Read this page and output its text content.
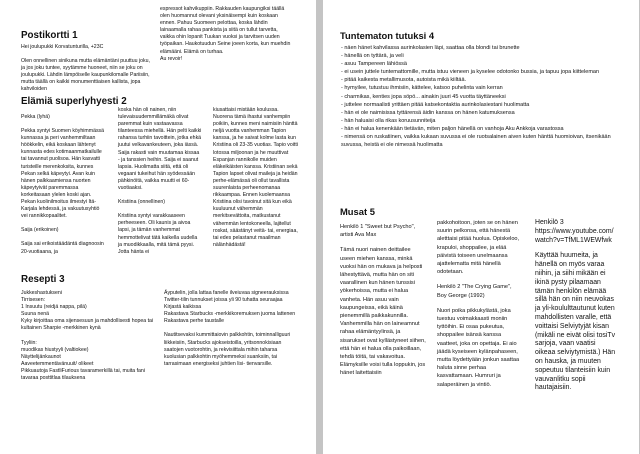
Postikortti 1

Hei joulupukki Korvatunturilla, +23C

Olen onnellinen sinikuna mutta elämäntäni puuttuu joku, ja jos joku tuntee, syytämme huoneet, niin se joku on joulupukki. Lähdin lämpöiselle kaupunkilomalle Pariisiin, mutta täällä on kaikki monumenttiaisen kallista, jopa kahviloiden

espressot kahvikuppiin. Rakkauden kaupungiksi täällä olen huomannut olevani yksinäisempi kuin koskaan ennen. Pahuu Suomeen pelottaa, koska lähdin lainaamalla rahaa pankista ja siitä on tullut tarvetta, vaikka ohin lopanit Tuukan vuoksi ja tarvitsen uuden työpaikan. Haukotuudun Seine joeen korta, kun muehdin elämääni. Elämä on turhaa.
Au revoir!

Elämiä superlyhyesti 2

Pekka (lyhä)

Pekka syntyi Suomen köyhimmässä kunnassa ja peri vanhemmiltaan höökkelin, eikä koskaan lähtenyt kunnasta edes kotimaanmatkailulle tai tavannut puolisoa. Hän kasvatti turisteille merenkoksita, kunnes Pekan selkä käpeytyi. Avan kuin hänen palkkaamiensa nuorten käpeytyivät paremmassa korkeitasaan ylelen koski ajan. Pekan kuolinilmoitus ilmestyi Itä-Karjala lehdessä, ja vakuutusyhtiö vei rannikkopaalitet.

Saija (erikoinen)

Saija sai erikoistäädäntä diagnoosin 20-vuotiaana, ja

koska hän oli nainen, niin tulevaisuudemmillämäkä olivat paremmat kuin vastaavassa tilanteessa miehellä. Hän pelti kaikki rahansa turhiin tavoittein, jotka ehkä juutui velkavankeuteen, joka iässä. Saija rakasti vain muutamaa kissaa - ja tanssien heihin. Saija ei saanut lapsia. Huolimatta siitä, että oli vegaani tukeihut hän syödessään pähkinöitä, vaikka muutti ei 60-vuotiaaksi.

Kristiina (onnellinen)

Kristiina syntyi varakkaaseen perheeseen. Oli kaunis ja aivoa lapsi, ja tämän vanhemmat hemmottelivat tätä kaikella uudella ja muodikkaalla, mitä tämä pyysi. Jotta hänta ei

kiusattaisi mistään koulussa. Nuorena tämä ihastui vanhempiin poikiin, kunnes meni naimisiin hänttä neljä vuotta vanhemman Tapion kanssa, ja he saivat kolme lasta kun Kristiina oli 23-35 vuotias. Tapio voitti lotossa miljoonan ja he muuttivat Espanjan rannikolle muiden eläkeikäisten kanssa. Kristiinan sekä Tapion lapset olivat maileja ja heidän perhe-elämässä oli ollut tavallista suurenlaista perheenomanaa rikkaampaa. Ennen kuolemaansa Kristiina olisi tavoinut sitä kun eikä kuuluunut vähemmän merkitsevättoita, matkustanut vähemmän lentokoneella, lajitellut roskat, säästänyt veitä- tai, energiaa, tai edes pelastanut maailman nälänhädästä!

Resepti 3

Jukkeshastukseni
Tirrisesen:
1 Insuutu (reidjä nappa, pilä)
Suuna nenä
Kyky kirjoittaa oma sijensesuun ja mahdollisesti hopea tai kultainen Sharpie -merkkinen kynä

Tyyliin:
muodikas hiustyyli (valtiokee)
Näyttelijänkaunot
Aaveetemmentävänuuit/ olikeet
Pikkuautoja FastliFurious tavaramerkillä tai, muita fani tavaraa posttitlaa tilauksena

Äyputelin, jolla lattaa fanelle ilveiuvaa signeerauksissa
Twitter-tilin tunnukset joissa yli 90 tuhatta seuraajaa
Kirjastä kaikissa
Rakastava Starbucks -merkkikoremuksen juoma lattenen
Rakastava perhe taustalle

Nautitsevaksi kummittaiovin palkkohtin, toiminnalliguuri liikkeisiin, Starbucks ajokseistoilla, yritsonnokisiaan saatojen vuotorohtin, ja rekvisiittala mihin taharsa kuolusian palkkohtin myöhemmeksi suanksiin, tai tarrasimaan energiseksi juhtien lisi- tienvarsille.

Tuntematon tutuksi 4
- näen hänet kahvilassa aurinkolasien läpi, saattaa olla blondi tai brunette
- hänellä on tyttärä, ja veli
- asuu Tampereen lähiössä
- ei usein juttele tuntemattomille, mutta istuu vieneen ja kyselee odotonko bussia, ja tapuu jopa kiitteleman
- pitää kaikesta metallimusota, autoista mikä kiiltää.
- hymyilee, tutustuu ihmisiin, kättelee, katsoo puhelinta vain kerran
- charmikas, kenties jopa söpö... ainakin juuri 45 vuotta täyttäneeksi
- juttelee normaalisti yrittäen pitää katsekontaktia aurinkolasiestani huolimatta
- hän ei ole naimisissa tyttärensä äidin kanssa on hänen katumuksensa
- hän haluaisi olla rikas koruusunniteija
- hän ei halua kenenkään tietävän, miten paljon hänellä on vanhoja Aku Ankkoja varastossa
- nimensä on ruskatiinen, vaikka kukaan suvussa ei ole ruotsalainen aiven kuten hänttä huomioivan, itsenikään suvussa, heistä ei ole nimessä huolimatta
Musat 5

Henkilö 1 "Sweet but Psycho", artisti Ava Max

Tämä nuori nainen deittailee useen miehen kanssa, minkä vuoksi hän on mukava ja helposti lähestyttävä, mutta hän on siti vaarallinen kun hänen tunssisi yökerhoissa, mutta ei halua vanheta. Hän asuu vain kaupungeissa, eikä käinä pienemmillä paikkakunnilla. Vanhemmilla hän on laineamnut rahaa elämäntyylinsä, ja sisarukset ovat kyllästyneet siihen, että hän ei halua olla paikoillaan, tehdä töitä, tai vakavoitua. Elämyksille voisi tulla loppukin, jos hänet laitettaisiin

pakkohoitoon, joten se on hänen suurin pelkonsa, että hänestä aletttaisi pitää huolua. Opiskeloo, krapuloi, shoppailee, ja elää päivistä toiseen unelmaansa ajattelematta mitä hänellä odotetaan.

Henkilö 2 "The Crying Game", Boy George (1992)

Nuori poika pikkukylästä, joka tuestuu voimakkaasti moniin tyttöihin. Ei osaa pukeutua, shoppailee isänsä kanssa vaatteet, joka on opettaja. Ei aio jäädä kyseiseen kylänpahaseen, mutta löydettyään jonkun saattaa haluta sinne perhaa kasvattamaan. Humruri ja salaperäinen ja vintiö.

Henkilö 3 https://www.youtube.com/watch?v=TfML1WEWfwk

Käyttää huumeita, ja hänellä on myös varaa niihin, ja siihi mikään ei ikinä pysty pilaamaan tämän henkilön elämää sillä hän on niin neuvokas ja yli-koululttautunut kuten mahdollisten varalle, että voittaisi Selviytyjät kisan (mikäli ne eivät olisi tosiTv sarjoja, vaan vaatisi oikeaa selviytymistä.) Hän on hauska, ja muuten sopeutuu tilanteisiin kuin vauvanlitku sopii hautajaisiin.
